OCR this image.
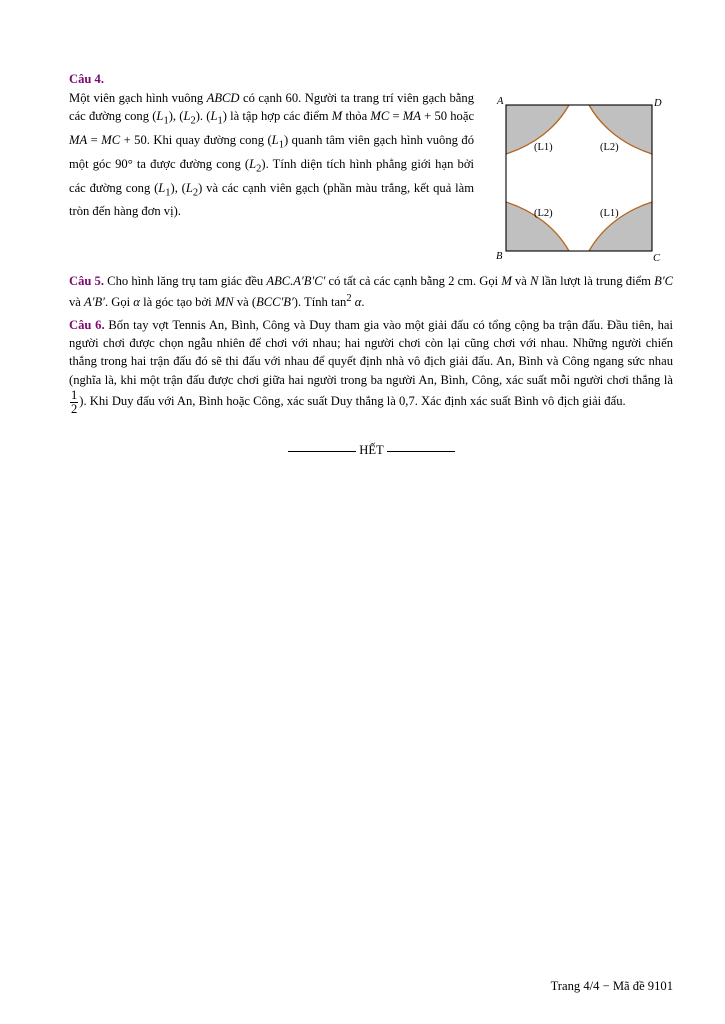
Câu 4.
Một viên gạch hình vuông ABCD có cạnh 60. Người ta trang trí viên gạch bằng các đường cong $(L_1)$, $(L_2)$. $(L_1)$ là tập hợp các điểm M thỏa MC = MA + 50 hoặc MA = MC + 50. Khi quay đường cong $(L_1)$ quanh tâm viên gạch hình vuông đó một góc 90° ta được đường cong $(L_2)$. Tính diện tích hình phẳng giới hạn bởi các đường cong $(L_1)$, $(L_2)$ và các cạnh viên gạch (phần màu trắng, kết quả làm tròn đến hàng đơn vị).
A	D
B	C
(L1)	(L2)
(L2)	(L1)
Câu 5. Cho hình lăng trụ tam giác đều ABC.A′B′C′ có tất cả các cạnh bằng 2 cm. Gọi M và N lần lượt là trung điểm B′C và A′B′. Gọi α là góc tạo bởi MN và (BCC′B′). Tính $\tan^2 \alpha$.
Câu 6. Bốn tay vợt Tennis An, Bình, Công và Duy tham gia vào một giải đấu có tổng cộng ba trận đấu. Đầu tiên, hai người chơi được chọn ngẫu nhiên để chơi với nhau; hai người chơi còn lại cũng chơi với nhau. Những người chiến thắng trong hai trận đấu đó sẽ thi đấu với nhau để quyết định nhà vô địch giải đấu. An, Bình và Công ngang sức nhau (nghĩa là, khi một trận đấu được chơi giữa hai người trong ba người An, Bình, Công, xác suất mỗi người chơi thắng là
$\frac{1}{2}$ ). Khi Duy đấu với An, Bình hoặc Công, xác suất Duy thắng là 0,7. Xác định xác suất Bình vô địch giải đấu.
HẾT
Trang 4/4 − Mã đề 9101
